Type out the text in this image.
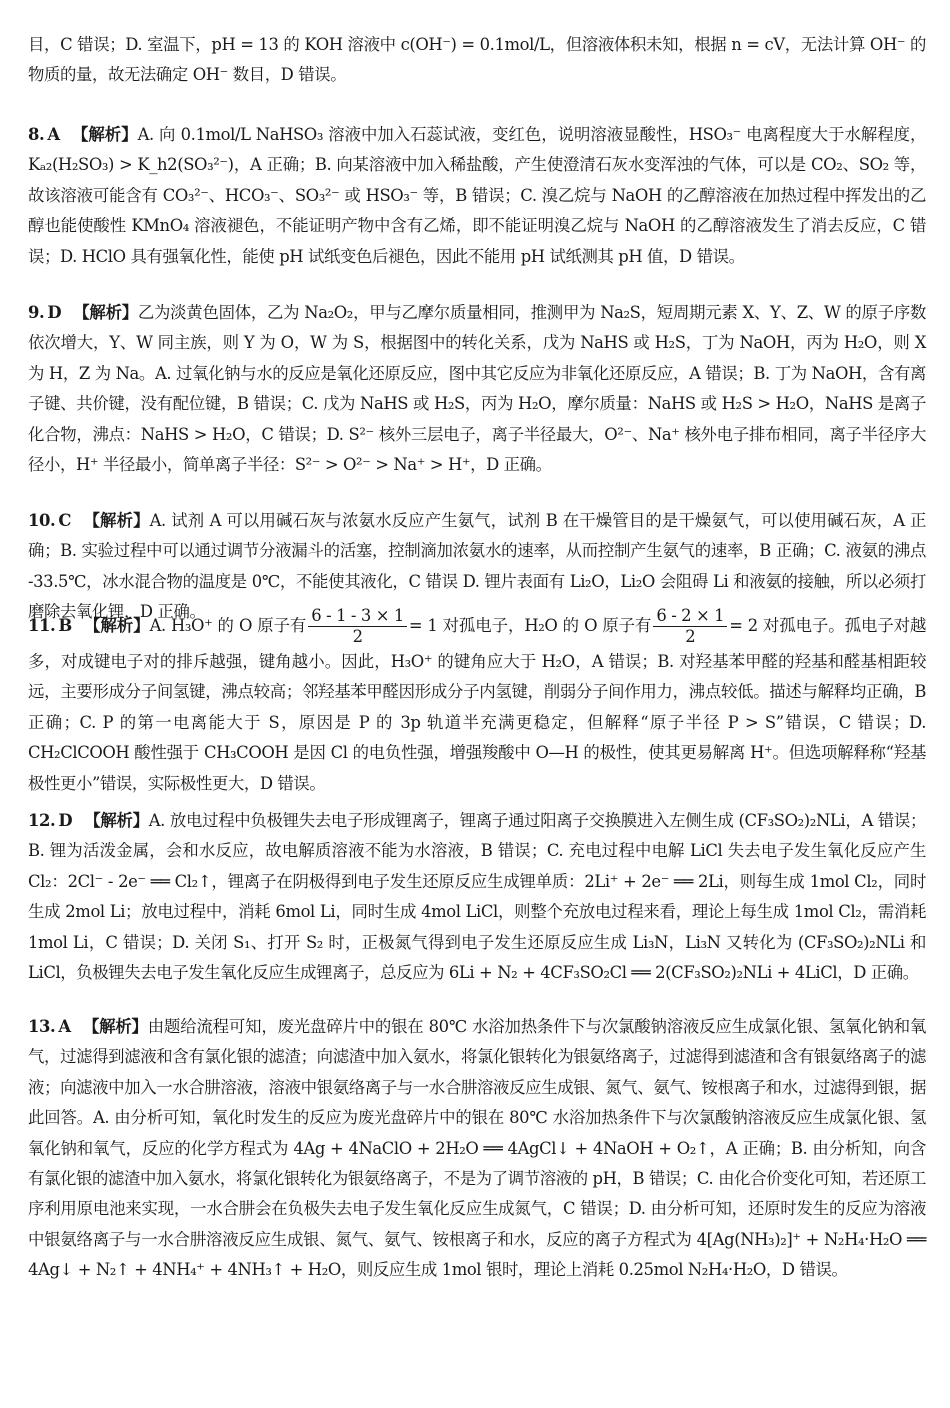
目，C 错误；D. 室温下，pH = 13 的 KOH 溶液中 c(OH⁻) = 0.1mol/L，但溶液体积未知，根据 n = cV，无法计算 OH⁻ 的物质的量，故无法确定 OH⁻ 数目，D 错误。
8. A 【解析】A. 向 0.1mol/L NaHSO₃ 溶液中加入石蕊试液，变红色，说明溶液显酸性，HSO₃⁻ 电离程度大于水解程度，Kₐ₂(H₂SO₃) > K_h2(SO₃²⁻)，A 正确；B. 向某溶液中加入稀盐酸，产生使澄清石灰水变浑浊的气体，可以是 CO₂、SO₂ 等，故该溶液可能含有 CO₃²⁻、HCO₃⁻、SO₃²⁻ 或 HSO₃⁻ 等，B 错误；C. 溴乙烷与 NaOH 的乙醇溶液在加热过程中挥发出的乙醇也能使酸性 KMnO₄ 溶液褪色，不能证明产物中含有乙烯，即不能证明溴乙烷与 NaOH 的乙醇溶液发生了消去反应，C 错误；D. HClO 具有强氧化性，能使 pH 试纸变色后褪色，因此不能用 pH 试纸测其 pH 值，D 错误。
9. D 【解析】乙为淡黄色固体，乙为 Na₂O₂，甲与乙摩尔质量相同，推测甲为 Na₂S，短周期元素 X、Y、Z、W 的原子序数依次增大，Y、W 同主族，则 Y 为 O，W 为 S，根据图中的转化关系，戊为 NaHS 或 H₂S，丁为 NaOH，丙为 H₂O，则 X 为 H，Z 为 Na。A. 过氧化钠与水的反应是氧化还原反应，图中其它反应为非氧化还原反应，A 错误；B. 丁为 NaOH，含有离子键、共价键，没有配位键，B 错误；C. 戊为 NaHS 或 H₂S，丙为 H₂O，摩尔质量：NaHS 或 H₂S > H₂O，NaHS 是离子化合物，沸点：NaHS > H₂O，C 错误；D. S²⁻ 核外三层电子，离子半径最大，O²⁻、Na⁺ 核外电子排布相同，离子半径序大径小，H⁺ 半径最小，简单离子半径：S²⁻ > O²⁻ > Na⁺ > H⁺，D 正确。
10. C 【解析】A. 试剂 A 可以用碱石灰与浓氨水反应产生氨气，试剂 B 在干燥管目的是干燥氨气，可以使用碱石灰，A 正确；B. 实验过程中可以通过调节分液漏斗的活塞，控制滴加浓氨水的速率，从而控制产生氨气的速率，B 正确；C. 液氨的沸点 -33.5℃，冰水混合物的温度是 0℃，不能使其液化，C 错误 D. 锂片表面有 Li₂O，Li₂O 会阻碍 Li 和液氨的接触，所以必须打磨除去氧化锂，D 正确。
11. B 【解析】A. H₃O⁺ 的 O 原子有 $\frac{6 - 1 - 3 \times 1}{2} = 1$ 对孤电子，H₂O 的 O 原子有 $\frac{6 - 2 \times 1}{2} = 2$ 对孤电子。孤电子对越多，对成键电子对的排斥越强，键角越小。因此，H₃O⁺ 的键角应大于 H₂O，A 错误；B. 对羟基苯甲醛的羟基和醛基相距较远，主要形成分子间氢键，沸点较高；邻羟基苯甲醛因形成分子内氢键，削弱分子间作用力，沸点较低。描述与解释均正确，B 正确；C. P 的第一电离能大于 S，原因是 P 的 3p 轨道半充满更稳定，但解释“原子半径 P > S”错误，C 错误；D. CH₂ClCOOH 酸性强于 CH₃COOH 是因 Cl 的电负性强，增强羧酸中 O—H 的极性，使其更易解离 H⁺。但选项解释称“羟基极性更小”错误，实际极性更大，D 错误。
12. D 【解析】A. 放电过程中负极锂失去电子形成锂离子，锂离子通过阳离子交换膜进入左侧生成 (CF₃SO₂)₂NLi，A 错误；B. 锂为活泼金属，会和水反应，故电解质溶液不能为水溶液，B 错误；C. 充电过程中电解 LiCl 失去电子发生氧化反应产生 Cl₂：2Cl⁻ - 2e⁻ ══ Cl₂↑，锂离子在阴极得到电子发生还原反应生成锂单质：2Li⁺ + 2e⁻ ══ 2Li，则每生成 1mol Cl₂，同时生成 2mol Li；放电过程中，消耗 6mol Li，同时生成 4mol LiCl，则整个充放电过程来看，理论上每生成 1mol Cl₂，需消耗 1mol Li，C 错误；D. 关闭 S₁、打开 S₂ 时，正极氮气得到电子发生还原反应生成 Li₃N，Li₃N 又转化为 (CF₃SO₂)₂NLi 和 LiCl，负极锂失去电子发生氧化反应生成锂离子，总反应为 6Li + N₂ + 4CF₃SO₂Cl ══ 2(CF₃SO₂)₂NLi + 4LiCl，D 正确。
13. A 【解析】由题给流程可知，废光盘碎片中的银在 80℃ 水浴加热条件下与次氯酸钠溶液反应生成氯化银、氢氧化钠和氧气，过滤得到滤液和含有氯化银的滤渣；向滤渣中加入氨水，将氯化银转化为银氨络离子，过滤得到滤渣和含有银氨络离子的滤液；向滤液中加入一水合肼溶液，溶液中银氨络离子与一水合肼溶液反应生成银、氮气、氨气、铵根离子和水，过滤得到银，据此回答。A. 由分析可知，氧化时发生的反应为废光盘碎片中的银在 80℃ 水浴加热条件下与次氯酸钠溶液反应生成氯化银、氢氧化钠和氧气，反应的化学方程式为 4Ag + 4NaClO + 2H₂O ══ 4AgCl↓ + 4NaOH + O₂↑，A 正确；B. 由分析知，向含有氯化银的滤渣中加入氨水，将氯化银转化为银氨络离子，不是为了调节溶液的 pH，B 错误；C. 由化合价变化可知，若还原工序利用原电池来实现，一水合肼会在负极失去电子发生氧化反应生成氮气，C 错误；D. 由分析可知，还原时发生的反应为溶液中银氨络离子与一水合肼溶液反应生成银、氮气、氨气、铵根离子和水，反应的离子方程式为 4[Ag(NH₃)₂]⁺ + N₂H₄·H₂O ══ 4Ag↓ + N₂↑ + 4NH₄⁺ + 4NH₃↑ + H₂O，则反应生成 1mol 银时，理论上消耗 0.25mol N₂H₄·H₂O，D 错误。
